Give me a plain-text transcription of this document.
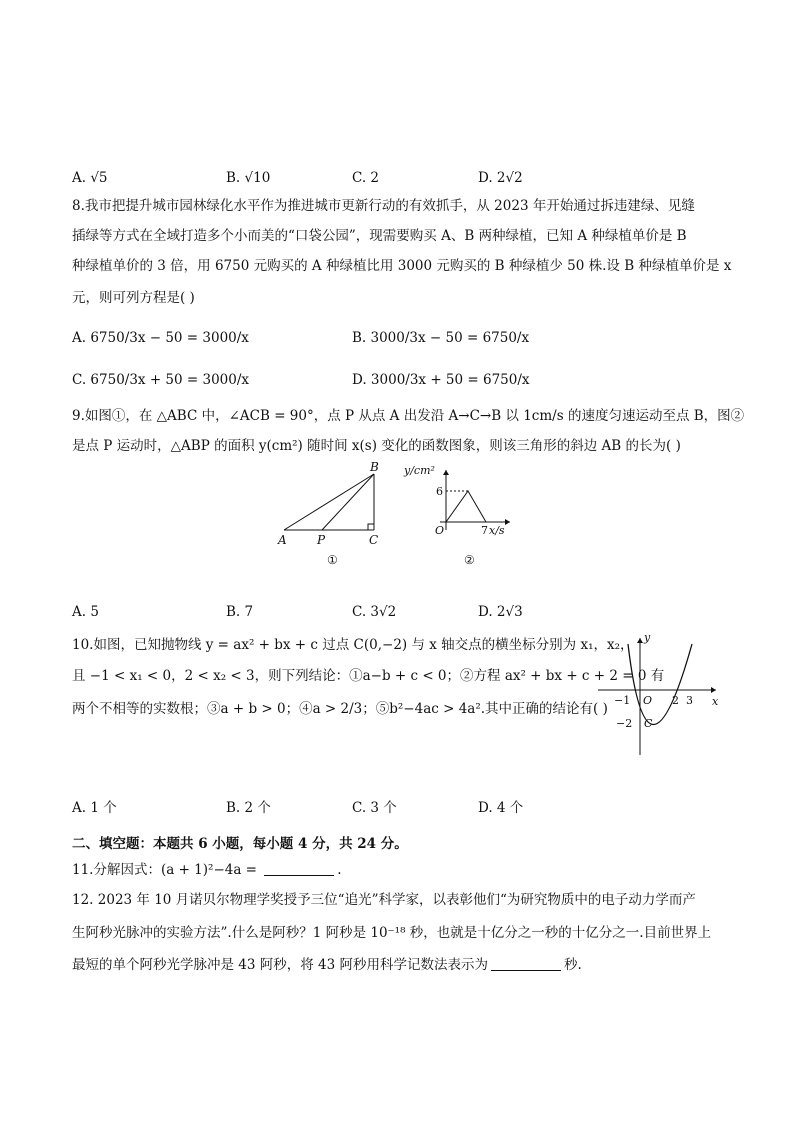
A. √5	B. √10	C. 2	D. 2√2
8.我市把提升城市园林绿化水平作为推进城市更新行动的有效抓手，从 2023 年开始通过拆违建绿、见缝
插绿等方式在全域打造多个小而美的“口袋公园”，现需要购买 A、B 两种绿植，已知 A 种绿植单价是 B
种绿植单价的 3 倍，用 6750 元购买的 A 种绿植比用 3000 元购买的 B 种绿植少 50 株.设 B 种绿植单价是 x
元，则可列方程是( )
A. 6750/3x − 50 = 3000/x	B. 3000/3x − 50 = 6750/x
C. 6750/3x + 50 = 3000/x	D. 3000/3x + 50 = 6750/x
9.如图①，在 △ABC 中，∠ACB = 90°，点 P 从点 A 出发沿 A→C→B 以 1cm/s 的速度匀速运动至点 B，图②
是点 P 运动时，△ABP 的面积 y(cm²) 随时间 x(s) 变化的函数图象，则该三角形的斜边 AB 的长为( )
A	P	C
B
①
y/cm²
6
O	7 x/s
②
A. 5	B. 7	C. 3√2	D. 2√3
10.如图，已知抛物线 y = ax² + bx + c 过点 C(0,−2) 与 x 轴交点的横坐标分别为 x₁，x₂，
且 −1 < x₁ < 0，2 < x₂ < 3，则下列结论：①a−b + c < 0；②方程 ax² + bx + c + 2 = 0 有
两个不相等的实数根；③a + b > 0；④a > 2/3；⑤b²−4ac > 4a².其中正确的结论有( )
y
x
−1 O 2 3
−2 C
A. 1 个	B. 2 个	C. 3 个	D. 4 个
二、填空题：本题共 6 小题，每小题 4 分，共 24 分。
11.分解因式：(a + 1)²−4a =	.
12. 2023 年 10 月诺贝尔物理学奖授予三位“追光”科学家，以表彰他们“为研究物质中的电子动力学而产
生阿秒光脉冲的实验方法”.什么是阿秒？1 阿秒是 10⁻¹⁸ 秒，也就是十亿分之一秒的十亿分之一.目前世界上
最短的单个阿秒光学脉冲是 43 阿秒，将 43 阿秒用科学记数法表示为	秒.
